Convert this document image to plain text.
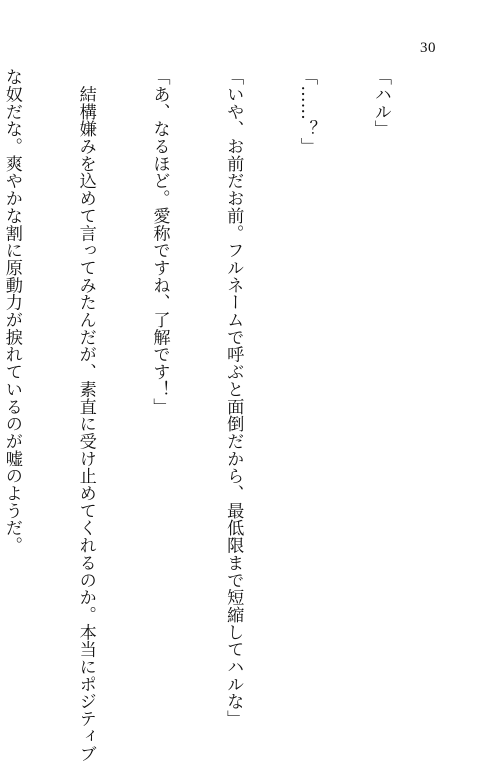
30

「ハル」

「……？」

「いや、お前だお前。フルネームで呼ぶと面倒だから、最低限まで短縮してハルな」

「あ、なるほど。愛称ですね、了解です！」

　結構嫌みを込めて言ってみたんだが、素直に受け止めてくれるのか。本当にポジティブ

な奴だな。爽やかな割に原動力が捩れているのが嘘のようだ。
